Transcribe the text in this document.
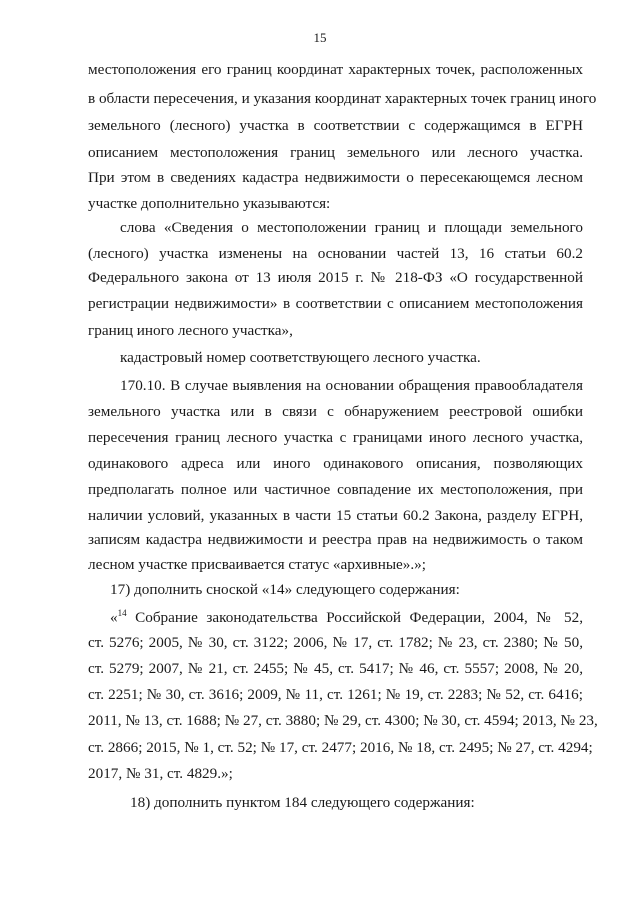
15
местоположения его границ координат характерных точек, расположенных
в области пересечения, и указания координат характерных точек границ иного
земельного (лесного) участка в соответствии с содержащимся в ЕГРН
описанием местоположения границ земельного или лесного участка.
При этом в сведениях кадастра недвижимости о пересекающемся лесном
участке дополнительно указываются:
слова «Сведения о местоположении границ и площади земельного
(лесного) участка изменены на основании частей 13, 16 статьи 60.2
Федерального закона от 13 июля 2015 г. № 218-ФЗ «О государственной
регистрации недвижимости» в соответствии с описанием местоположения
границ иного лесного участка»,
кадастровый номер соответствующего лесного участка.
170.10. В случае выявления на основании обращения правообладателя
земельного участка или в связи с обнаружением реестровой ошибки
пересечения границ лесного участка с границами иного лесного участка,
одинакового адреса или иного одинакового описания, позволяющих
предполагать полное или частичное совпадение их местоположения, при
наличии условий, указанных в части 15 статьи 60.2 Закона, разделу ЕГРН,
записям кадастра недвижимости и реестра прав на недвижимость о таком
лесном участке присваивается статус «архивные».»;
17) дополнить сноской «14» следующего содержания:
«$^{14}$ Собрание законодательства Российской Федерации, 2004, № 52,
ст. 5276; 2005, № 30, ст. 3122; 2006, № 17, ст. 1782; № 23, ст. 2380; № 50,
ст. 5279; 2007, № 21, ст. 2455; № 45, ст. 5417; № 46, ст. 5557; 2008, № 20,
ст. 2251; № 30, ст. 3616; 2009, № 11, ст. 1261; № 19, ст. 2283; № 52, ст. 6416;
2011, № 13, ст. 1688; № 27, ст. 3880; № 29, ст. 4300; № 30, ст. 4594; 2013, № 23,
ст. 2866; 2015, № 1, ст. 52; № 17, ст. 2477; 2016, № 18, ст. 2495; № 27, ст. 4294;
2017, № 31, ст. 4829.»;
18) дополнить пунктом 184 следующего содержания:
